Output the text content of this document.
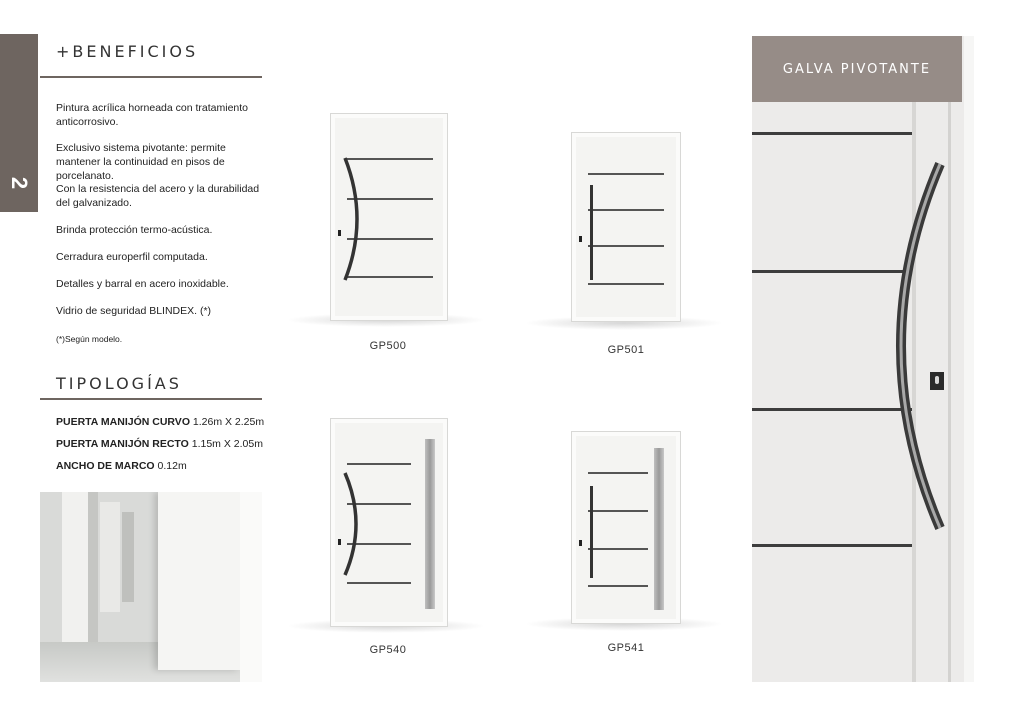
2
+BENEFICIOS
Pintura acrílica horneada con tratamiento anticorrosivo.
Exclusivo sistema pivotante: permite mantener la continuidad en pisos de porcelanato.
Con la resistencia del acero y la durabilidad del galvanizado.
Brinda protección termo-acústica.
Cerradura europerfil computada.
Detalles y barral en acero inoxidable.
Vidrio de seguridad BLINDEX. (*)
(*)Según modelo.
TIPOLOGÍAS
PUERTA MANIJÓN CURVO 1.26m X 2.25m
PUERTA MANIJÓN RECTO 1.15m X 2.05m
ANCHO DE MARCO 0.12m
GP500	GP501
GP540	GP541
GALVA PIVOTANTE
